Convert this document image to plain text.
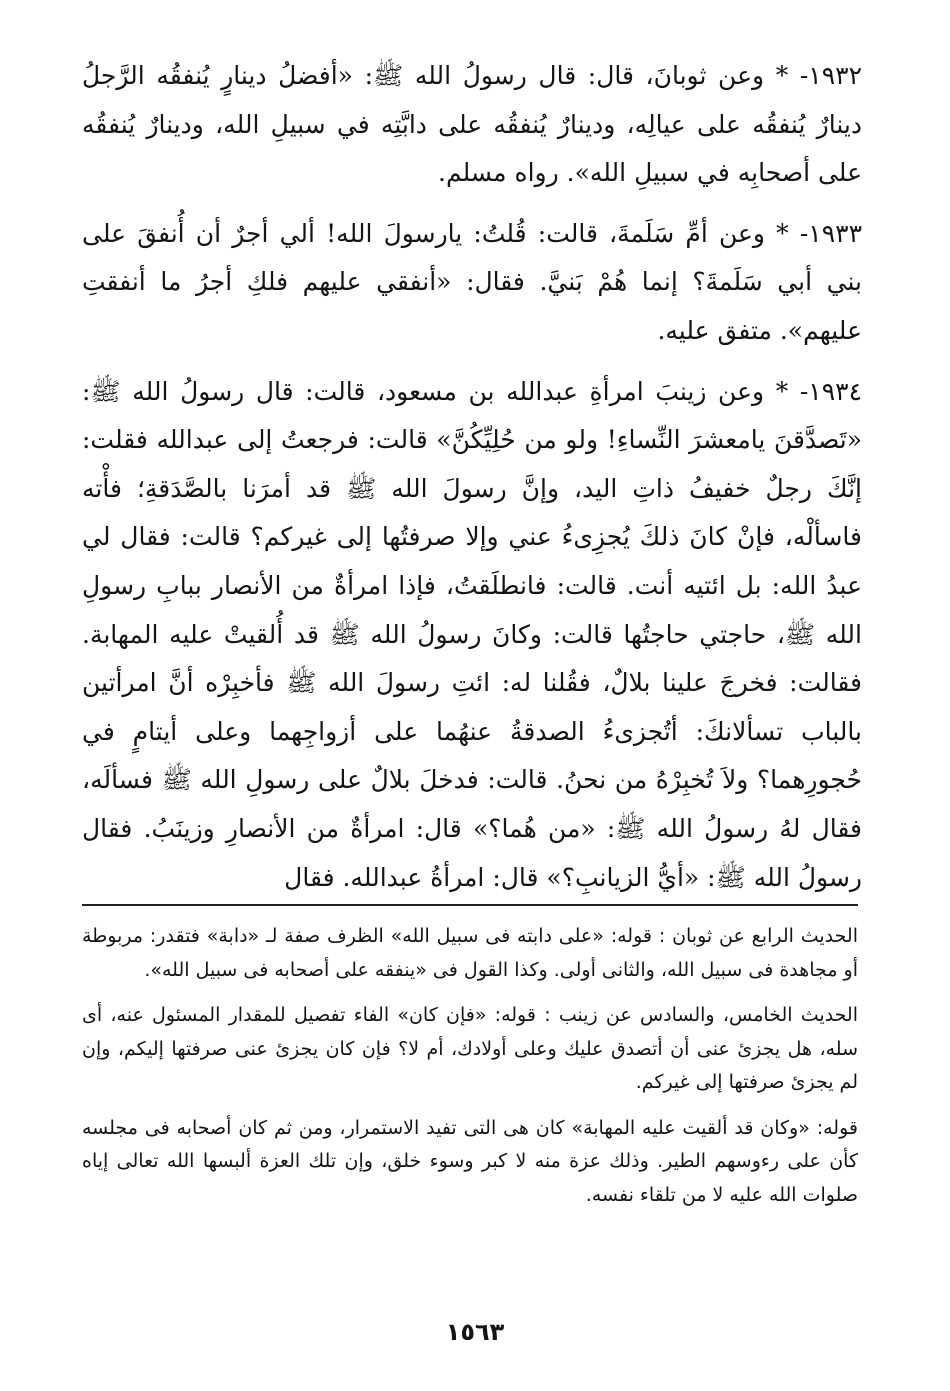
١٩٣٢- * وعن ثوبانَ، قال: قال رسولُ الله ﷺ: «أفضلُ دينارٍ يُنفقُه الرَّجلُ دينارٌ يُنفقُه على عيالِه، ودينارٌ يُنفقُه على دابَّتِه في سبيلِ الله، ودينارٌ يُنفقُه على أصحابِه في سبيلِ الله». رواه مسلم.

١٩٣٣- * وعن أمِّ سَلَمةَ، قالت: قُلتُ: يارسولَ الله! ألي أجرٌ أن أُنفقَ على بني أبي سَلَمةَ؟ إنما هُمْ بَنيَّ. فقال: «أنفقي عليهم فلكِ أجرُ ما أنفقتِ عليهم». متفق عليه.

١٩٣٤- * وعن زينبَ امرأةِ عبدالله بن مسعود، قالت: قال رسولُ الله ﷺ: «تَصدَّقنَ يامعشرَ النِّساءِ! ولو من حُلِيِّكُنَّ» قالت: فرجعتُ إلى عبدالله فقلت: إنَّكَ رجلٌ خفيفُ ذاتِ اليد، وإنَّ رسولَ الله ﷺ قد أمرَنا بالصَّدَقةِ؛ فأْته فاسألْه، فإنْ كانَ ذلكَ يُجزِىءُ عني وإلا صرفتُها إلى غيركم؟ قالت: فقال لي عبدُ الله: بل ائتيه أنت. قالت: فانطلَقتُ، فإذا امرأةٌ من الأنصار ببابِ رسولِ الله ﷺ، حاجتي حاجتُها قالت: وكانَ رسولُ الله ﷺ قد أُلقيتْ عليه المهابة. فقالت: فخرجَ علينا بلالٌ، فقُلنا له: ائتِ رسولَ الله ﷺ فأخبِرْه أنَّ امرأتين بالباب تسألانكَ: أتُجزىءُ الصدقةُ عنهُما على أزواجِهما وعلى أيتامٍ في حُجورِهما؟ ولاَ تُخبِرْهُ من نحنُ. قالت: فدخلَ بلالٌ على رسولِ الله ﷺ فسألَه، فقال لهُ رسولُ الله ﷺ: «من هُما؟» قال: امرأةٌ من الأنصارِ وزينَبُ. فقال رسولُ الله ﷺ: «أيُّ الزيانبِ؟» قال: امرأةُ عبدالله. فقال

الحديث الرابع عن ثوبان : قوله: «على دابته فى سبيل الله» الظرف صفة لـ «دابة» فتقدر: مربوطة أو مجاهدة فى سبيل الله، والثانى أولى. وكذا القول فى «ينفقه على أصحابه فى سبيل الله».

الحديث الخامس، والسادس عن زينب : قوله: «فإن كان» الفاء تفصيل للمقدار المسئول عنه، أى سله، هل يجزئ عنى أن أتصدق عليك وعلى أولادك، أم لا؟ فإن كان يجزئ عنى صرفتها إليكم، وإن لم يجزئ صرفتها إلى غيركم.

قوله: «وكان قد ألقيت عليه المهابة» كان هى التى تفيد الاستمرار، ومن ثم كان أصحابه فى مجلسه كأن على رءوسهم الطير. وذلك عزة منه لا كبر وسوء خلق، وإن تلك العزة ألبسها الله تعالى إياه صلوات الله عليه لا من تلقاء نفسه.

١٥٦٣
